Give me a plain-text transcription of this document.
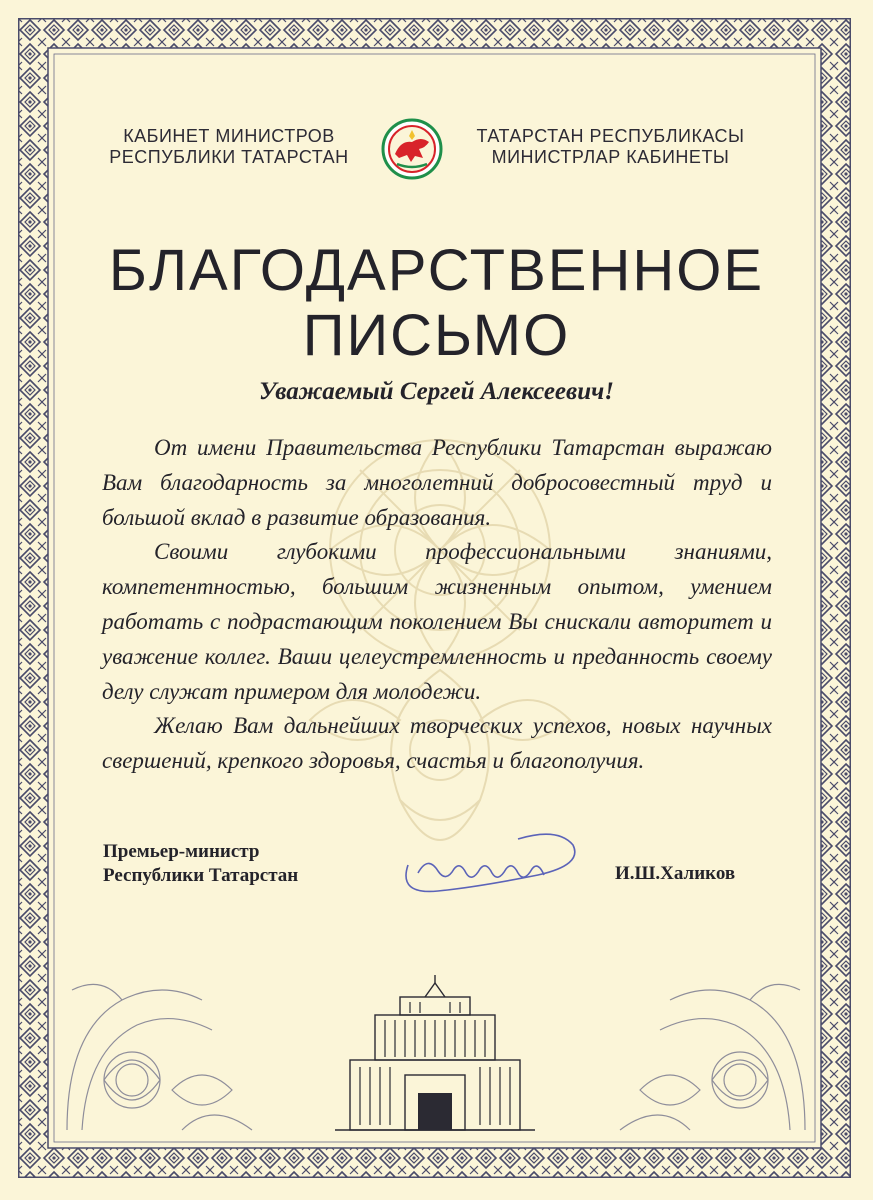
КАБИНЕТ МИНИСТРОВ
РЕСПУБЛИКИ ТАТАРСТАН
ТАТАРСТАН РЕСПУБЛИКАСЫ
МИНИСТРЛАР КАБИНЕТЫ
БЛАГОДАРСТВЕННОЕ
ПИСЬМО
Уважаемый Сергей Алексеевич!

От имени Правительства Республики Татарстан выражаю Вам благодарность за многолетний добросовестный труд и большой вклад в развитие образования.

Своими глубокими профессиональными знаниями, компетентностью, большим жизненным опытом, умением работать с подрастающим поколением Вы снискали авторитет и уважение коллег. Ваши целеустремленность и преданность своему делу служат примером для молодежи.

Желаю Вам дальнейших творческих успехов, новых научных свершений, крепкого здоровья, счастья и благополучия.

Премьер-министр
Республики Татарстан	И.Ш.Халиков
